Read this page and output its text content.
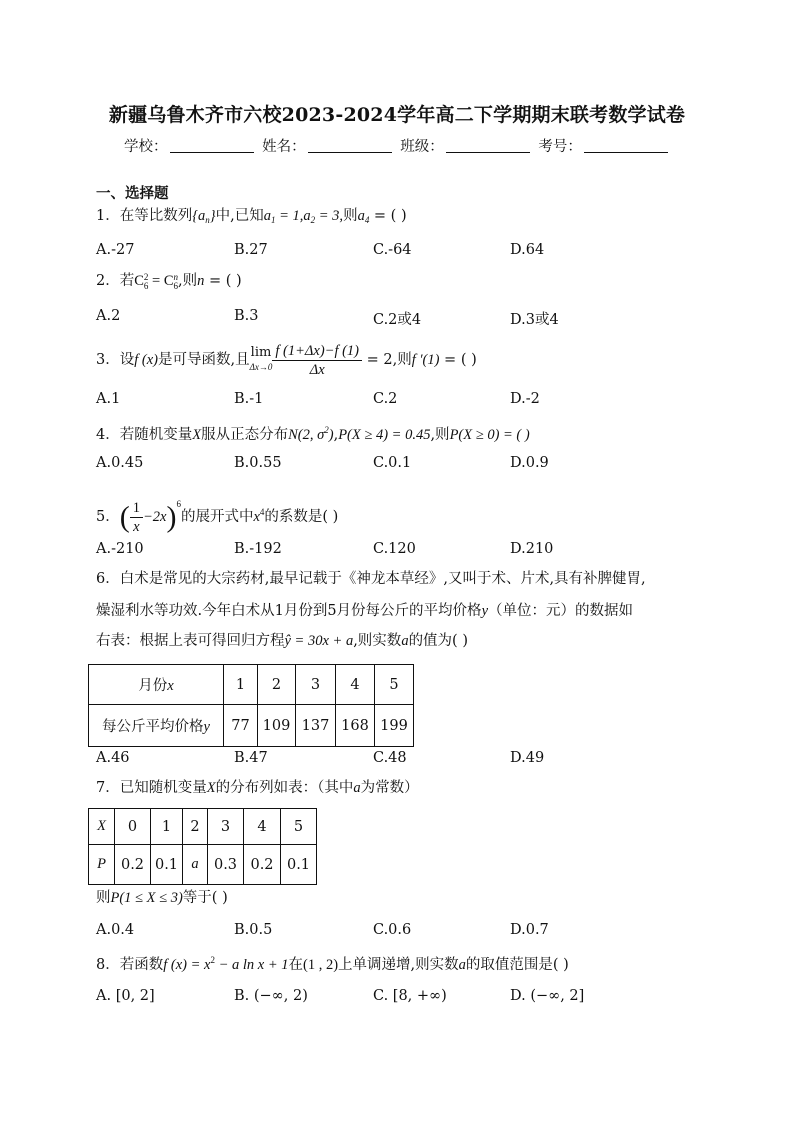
新疆乌鲁木齐市六校2023-2024学年高二下学期期末联考数学试卷
学校：	姓名：	班级：	考号：
一、选择题
1．在等比数列$\{a_n\}$中,已知$a_1 = 1,a_2 = 3$,则$a_4$ = ( )
A.-27	B.27	C.-64	D.64
2．若C 2
6 = C n
6 ,则n = ( )
A.2	B.3	C.2或4	D.3或4
3．设f (x)是可导函数,且 lim
$\Delta x\to 0 \frac{f (1+\Delta x)-f (1)}{\Delta x} = 2$,则f ′(1) = ( )
A.1	B.-1	C.2	D.-2
4．若随机变量X服从正态分布N(2, $\sigma^2),P(X \ge 4) = 0.45$,则P(X ≥ 0) = ( )
A.0.45	B.0.55	C.0.1	D.0.9
5．( $\frac{1}{x} -2x)^6$的展开式中$x^4$的系数是( )
A.-210	B.-192	C.120	D.210
6．白术是常见的大宗药材,最早记载于《神龙本草经》,又叫于术、片术,具有补脾健胃,
燥湿利水等功效.今年白术从1月份到5月份每公斤的平均价格y（单位：元）的数据如
右表：根据上表可得回归方程ŷ = 30x + a,则实数a的值为( )
月份x	1	2	3	4	5
每公斤平均价格y	77	109	137	168	199
A.46	B.47	C.48	D.49
7．已知随机变量X的分布列如表：（其中a为常数）
X	0	1	2	3	4	5
P	0.2	0.1	a	0.3	0.2	0.1
则P(1 ≤ X ≤ 3)等于( )
A.0.4	B.0.5	C.0.6	D.0.7
8．若函数f $(x) = x^2 - a$ ln x + 1在(1 , 2)上单调递增,则实数a的取值范围是( )
A. [0, 2]	B. (−∞, 2)	C. [8, +∞)	D. (−∞, 2]
